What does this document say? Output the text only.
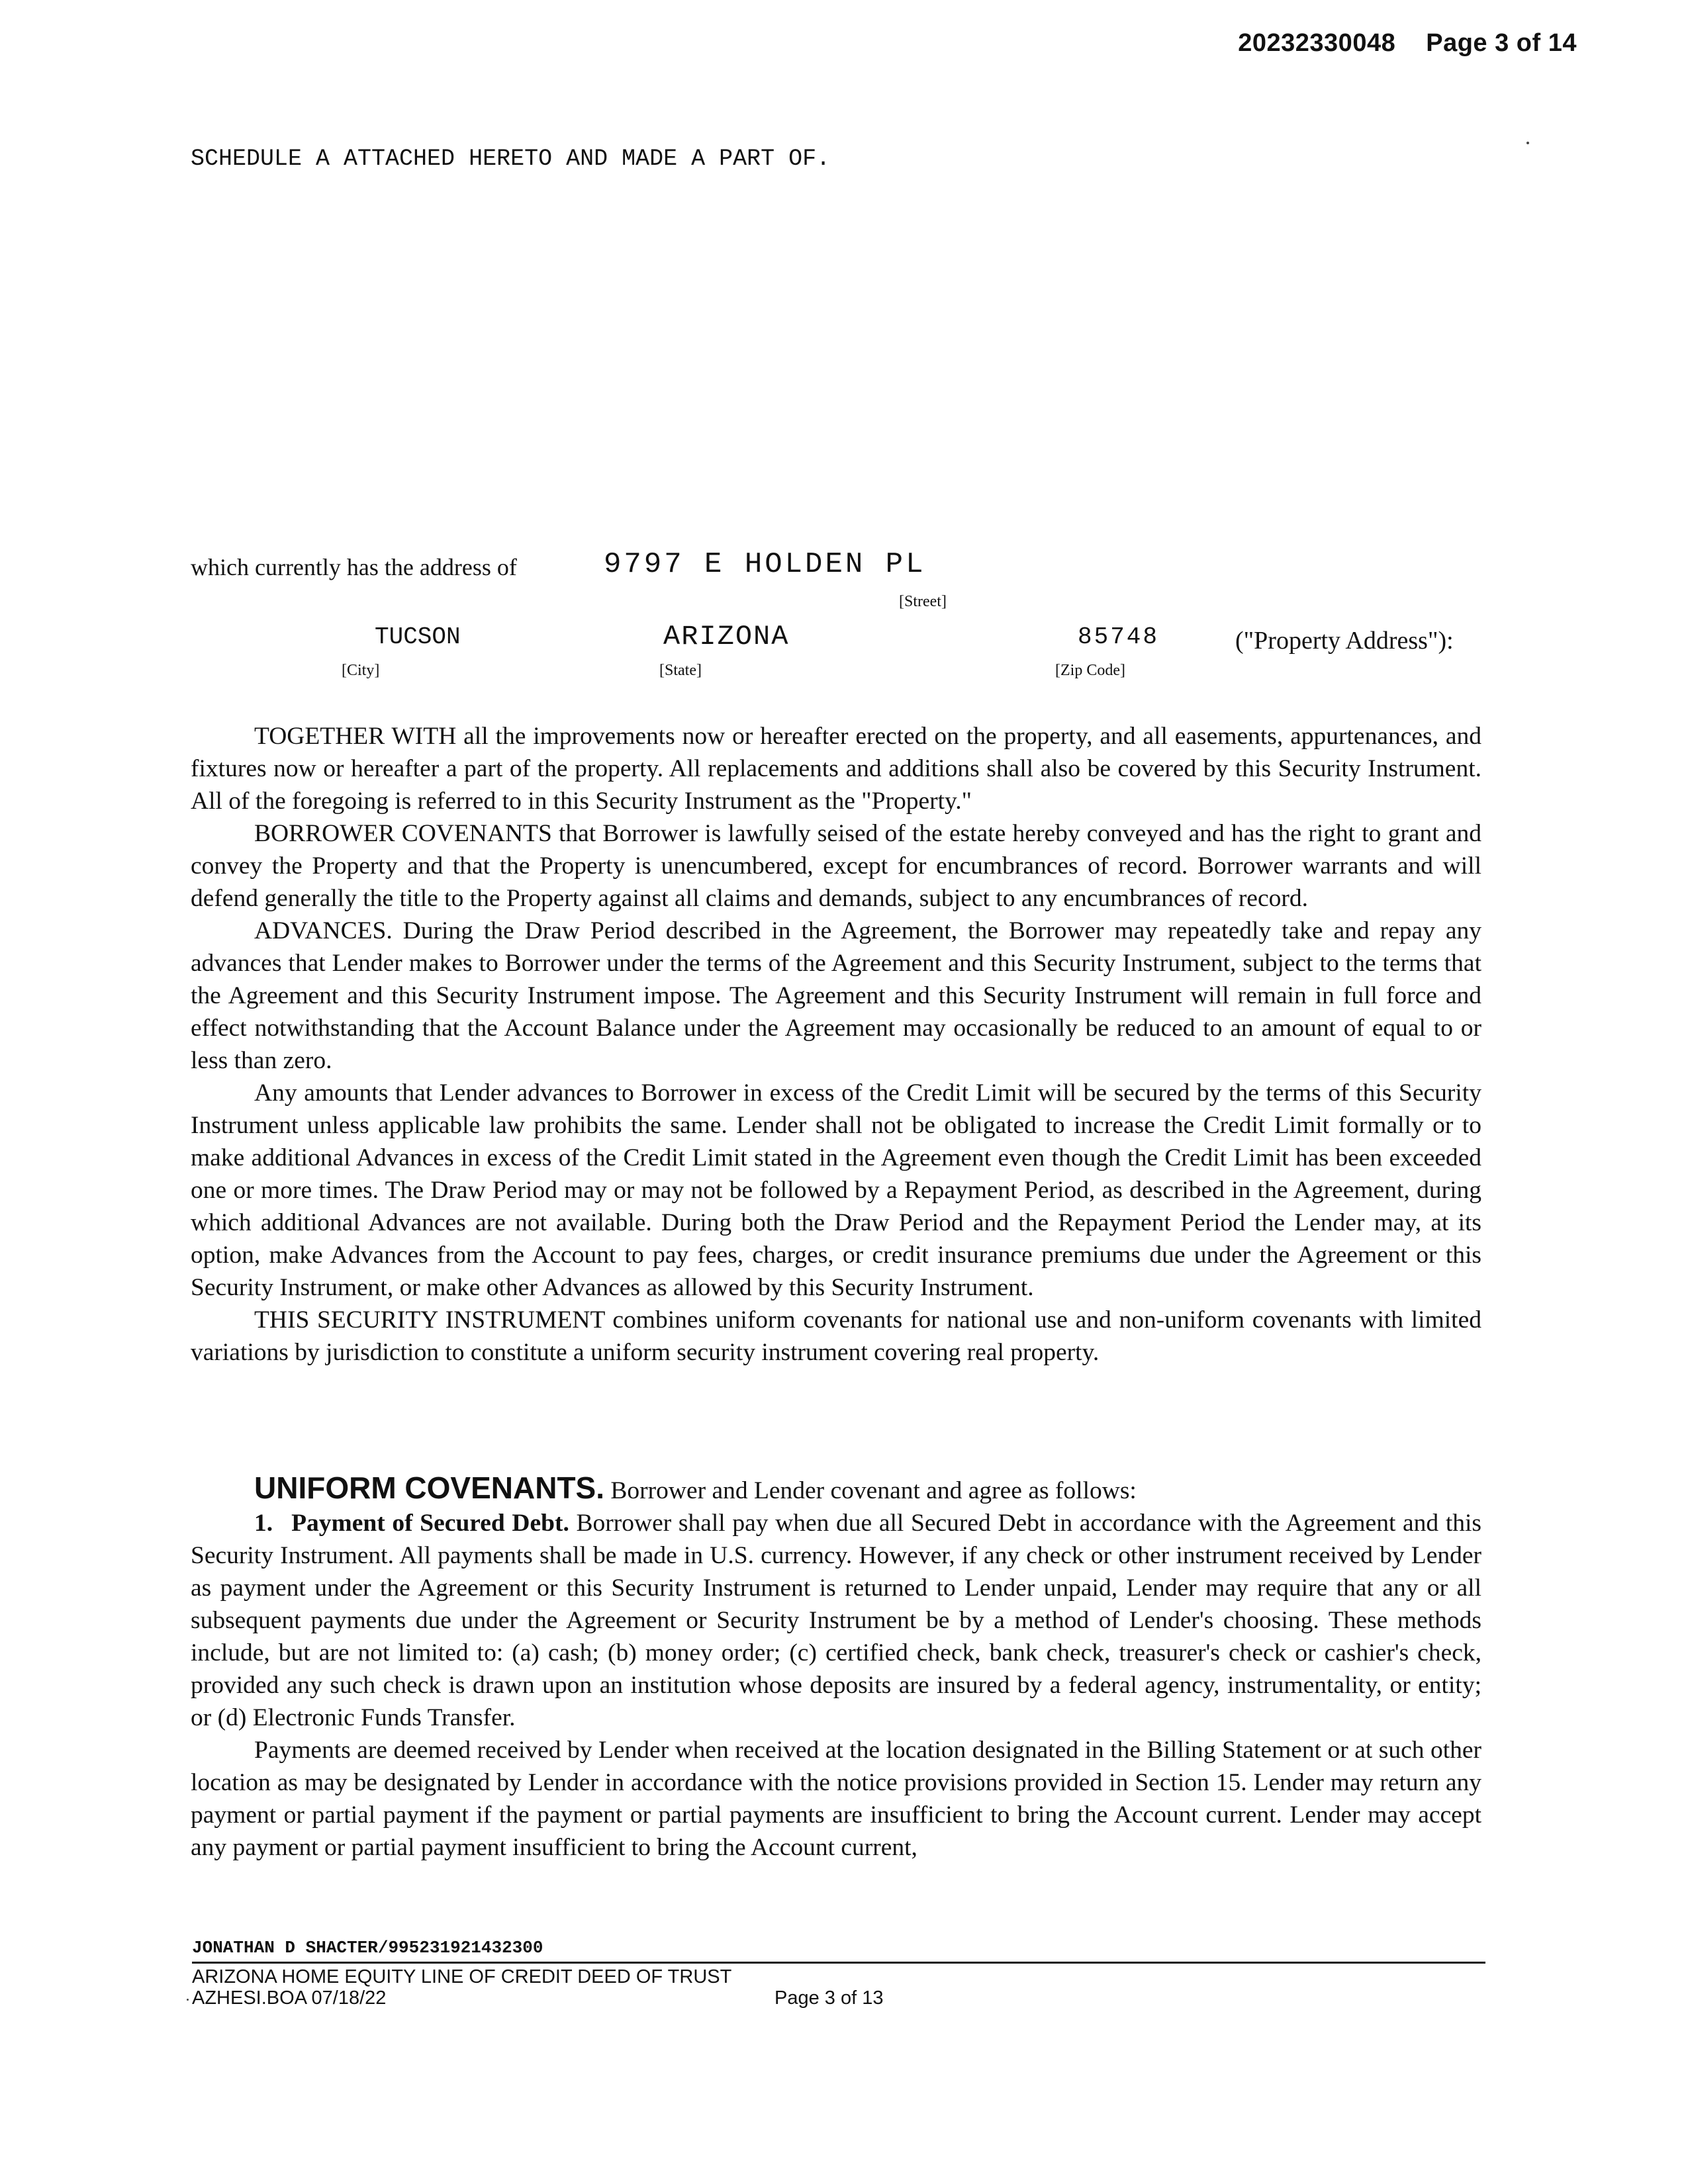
20232330048 Page 3 of 14
SCHEDULE A ATTACHED HERETO AND MADE A PART OF.
which currently has the address of	9797 E HOLDEN PL
[Street]
TUCSON	ARIZONA	85748	("Property Address"):
[City]	[State]	[Zip Code]

TOGETHER WITH all the improvements now or hereafter erected on the property, and all easements, appurtenances, and fixtures now or hereafter a part of the property. All replacements and additions shall also be covered by this Security Instrument. All of the foregoing is referred to in this Security Instrument as the "Property."

BORROWER COVENANTS that Borrower is lawfully seised of the estate hereby conveyed and has the right to grant and convey the Property and that the Property is unencumbered, except for encumbrances of record. Borrower warrants and will defend generally the title to the Property against all claims and demands, subject to any encumbrances of record.

ADVANCES. During the Draw Period described in the Agreement, the Borrower may repeatedly take and repay any advances that Lender makes to Borrower under the terms of the Agreement and this Security Instrument, subject to the terms that the Agreement and this Security Instrument impose. The Agreement and this Security Instrument will remain in full force and effect notwithstanding that the Account Balance under the Agreement may occasionally be reduced to an amount of equal to or less than zero.

Any amounts that Lender advances to Borrower in excess of the Credit Limit will be secured by the terms of this Security Instrument unless applicable law prohibits the same. Lender shall not be obligated to increase the Credit Limit formally or to make additional Advances in excess of the Credit Limit stated in the Agreement even though the Credit Limit has been exceeded one or more times. The Draw Period may or may not be followed by a Repayment Period, as described in the Agreement, during which additional Advances are not available. During both the Draw Period and the Repayment Period the Lender may, at its option, make Advances from the Account to pay fees, charges, or credit insurance premiums due under the Agreement or this Security Instrument, or make other Advances as allowed by this Security Instrument.

THIS SECURITY INSTRUMENT combines uniform covenants for national use and non-uniform covenants with limited variations by jurisdiction to constitute a uniform security instrument covering real property.

UNIFORM COVENANTS. Borrower and Lender covenant and agree as follows:

1. Payment of Secured Debt. Borrower shall pay when due all Secured Debt in accordance with the Agreement and this Security Instrument. All payments shall be made in U.S. currency. However, if any check or other instrument received by Lender as payment under the Agreement or this Security Instrument is returned to Lender unpaid, Lender may require that any or all subsequent payments due under the Agreement or Security Instrument be by a method of Lender's choosing. These methods include, but are not limited to: (a) cash; (b) money order; (c) certified check, bank check, treasurer's check or cashier's check, provided any such check is drawn upon an institution whose deposits are insured by a federal agency, instrumentality, or entity; or (d) Electronic Funds Transfer.

Payments are deemed received by Lender when received at the location designated in the Billing Statement or at such other location as may be designated by Lender in accordance with the notice provisions provided in Section 15. Lender may return any payment or partial payment if the payment or partial payments are insufficient to bring the Account current. Lender may accept any payment or partial payment insufficient to bring the Account current,

JONATHAN D SHACTER/995231921432300
ARIZONA HOME EQUITY LINE OF CREDIT DEED OF TRUST
AZHESI.BOA 07/18/22	Page 3 of 13
